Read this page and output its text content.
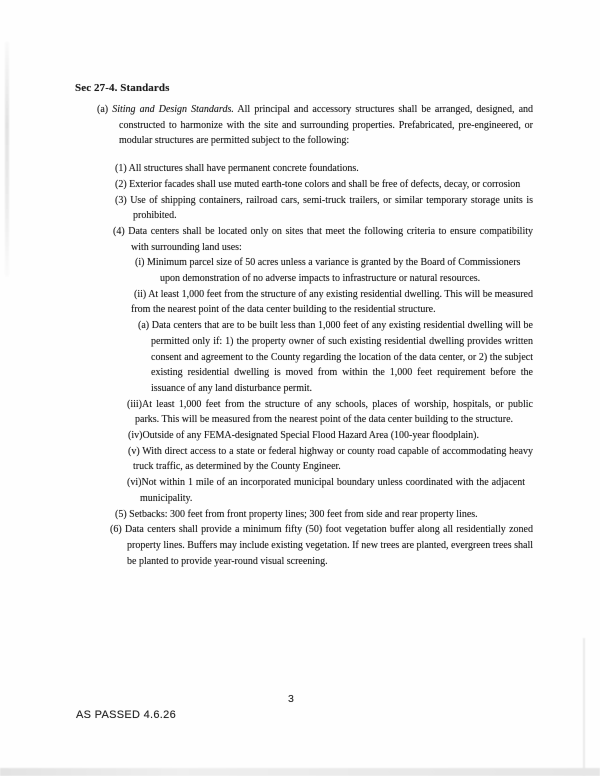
Sec 27-4. Standards
(a) Siting and Design Standards. All principal and accessory structures shall be arranged, designed, and constructed to harmonize with the site and surrounding properties. Prefabricated, pre-engineered, or modular structures are permitted subject to the following:
(1) All structures shall have permanent concrete foundations.
(2) Exterior facades shall use muted earth-tone colors and shall be free of defects, decay, or corrosion
(3) Use of shipping containers, railroad cars, semi-truck trailers, or similar temporary storage units is prohibited.
(4) Data centers shall be located only on sites that meet the following criteria to ensure compatibility with surrounding land uses:
(i) Minimum parcel size of 50 acres unless a variance is granted by the Board of Commissioners upon demonstration of no adverse impacts to infrastructure or natural resources.
(ii) At least 1,000 feet from the structure of any existing residential dwelling. This will be measured from the nearest point of the data center building to the residential structure.
(a) Data centers that are to be built less than 1,000 feet of any existing residential dwelling will be permitted only if: 1) the property owner of such existing residential dwelling provides written consent and agreement to the County regarding the location of the data center, or 2) the subject existing residential dwelling is moved from within the 1,000 feet requirement before the issuance of any land disturbance permit.
(iii)At least 1,000 feet from the structure of any schools, places of worship, hospitals, or public parks. This will be measured from the nearest point of the data center building to the structure.
(iv)Outside of any FEMA-designated Special Flood Hazard Area (100-year floodplain).
(v) With direct access to a state or federal highway or county road capable of accommodating heavy truck traffic, as determined by the County Engineer.
(vi)Not within 1 mile of an incorporated municipal boundary unless coordinated with the adjacent municipality.
(5) Setbacks: 300 feet from front property lines; 300 feet from side and rear property lines.
(6) Data centers shall provide a minimum fifty (50) foot vegetation buffer along all residentially zoned property lines. Buffers may include existing vegetation. If new trees are planted, evergreen trees shall be planted to provide year-round visual screening.
3
AS PASSED 4.6.26
